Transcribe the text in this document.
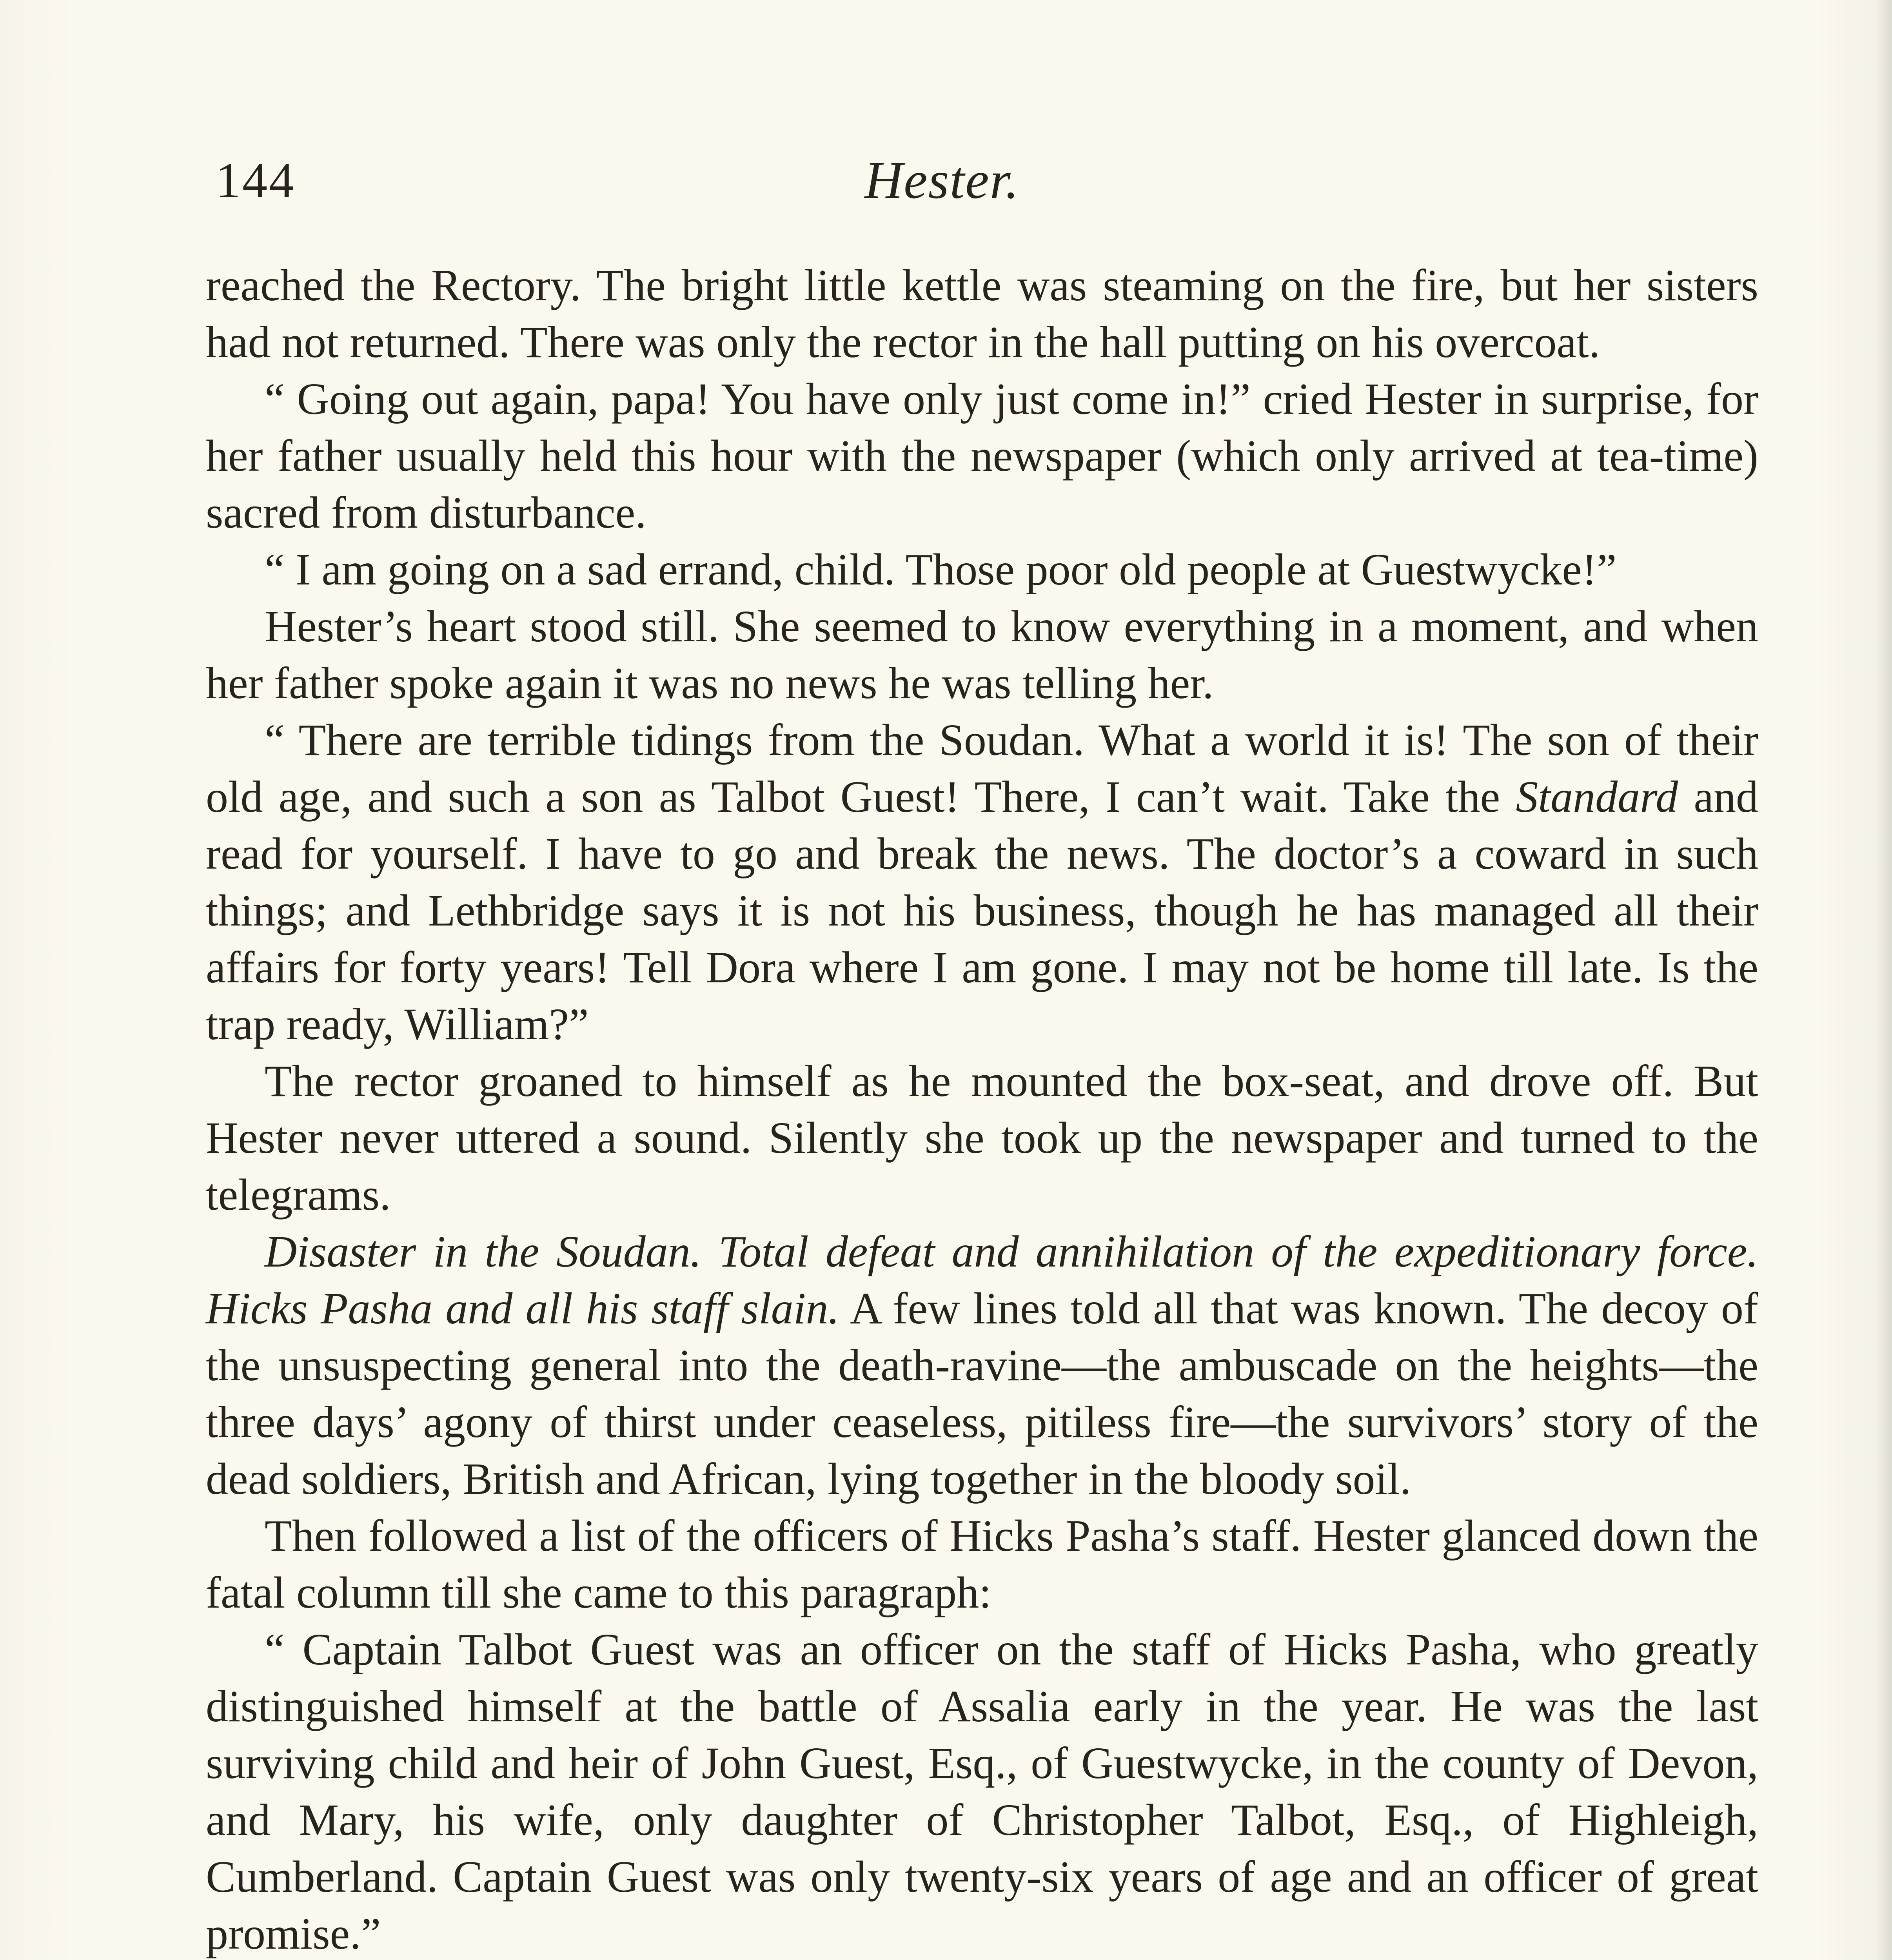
144	Hester.

reached the Rectory. The bright little kettle was steaming on the fire, but her sisters had not returned. There was only the rector in the hall putting on his overcoat.

“ Going out again, papa! You have only just come in!” cried Hester in surprise, for her father usually held this hour with the newspaper (which only arrived at tea-time) sacred from disturbance.

“ I am going on a sad errand, child. Those poor old people at Guestwycke!”

Hester’s heart stood still. She seemed to know everything in a moment, and when her father spoke again it was no news he was telling her.

“ There are terrible tidings from the Soudan. What a world it is! The son of their old age, and such a son as Talbot Guest! There, I can’t wait. Take the Standard and read for yourself. I have to go and break the news. The doctor’s a coward in such things; and Lethbridge says it is not his business, though he has managed all their affairs for forty years! Tell Dora where I am gone. I may not be home till late. Is the trap ready, William?”

The rector groaned to himself as he mounted the box-seat, and drove off. But Hester never uttered a sound. Silently she took up the newspaper and turned to the telegrams.

Disaster in the Soudan. Total defeat and annihilation of the expeditionary force. Hicks Pasha and all his staff slain. A few lines told all that was known. The decoy of the unsuspecting general into the death-ravine—the ambuscade on the heights—the three days’ agony of thirst under ceaseless, pitiless fire—the survivors’ story of the dead soldiers, British and African, lying together in the bloody soil.

Then followed a list of the officers of Hicks Pasha’s staff. Hester glanced down the fatal column till she came to this paragraph:

“ Captain Talbot Guest was an officer on the staff of Hicks Pasha, who greatly distinguished himself at the battle of Assalia early in the year. He was the last surviving child and heir of John Guest, Esq., of Guestwycke, in the county of Devon, and Mary, his wife, only daughter of Christopher Talbot, Esq., of Highleigh, Cumberland. Captain Guest was only twenty-six years of age and an officer of great promise.”
